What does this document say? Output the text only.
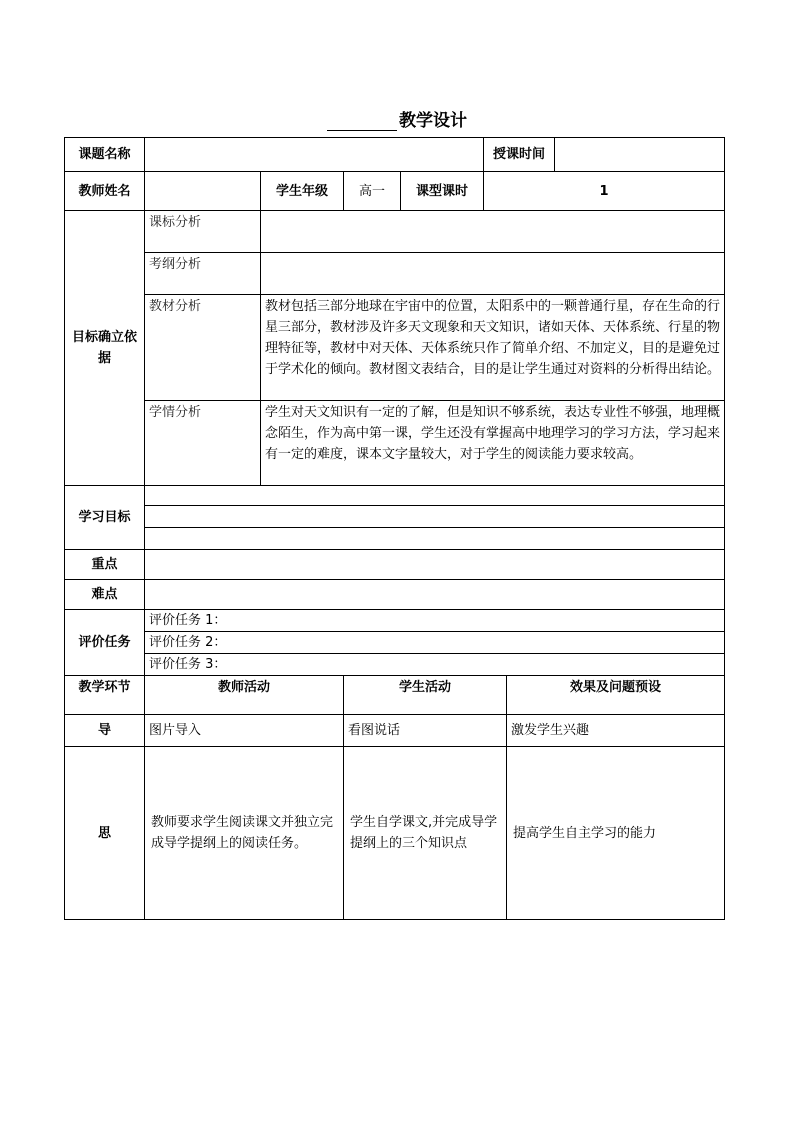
教学设计
课题名称					授课时间		
教师姓名		学生年级	高一	课型课时	1		
目标确立依据	课标分析						
	考纲分析						
	教材分析	教材包括三部分地球在宇宙中的位置，太阳系中的一颗普通行星，存在生命的行星三部分，教材涉及许多天文现象和天文知识，诸如天体、天体系统、行星的物理特征等，教材中对天体、天体系统只作了简单介绍、不加定义，目的是避免过于学术化的倾向。教材图文表结合，目的是让学生通过对资料的分析得出结论。					
	学情分析	学生对天文知识有一定的了解，但是知识不够系统，表达专业性不够强，地理概念陌生，作为高中第一课，学生还没有掌握高中地理学习的学习方法，学习起来有一定的难度，课本文字量较大，对于学生的阅读能力要求较高。					
学习目标							

重点							
难点							
评价任务	评价任务 1：						
	评价任务 2：						
	评价任务 3：						
教学环节	教师活动		学生活动			效果及问题预设	
导	图片导入		看图说话			激发学生兴趣	
思	教师要求学生阅读课文并独立完成导学提纲上的阅读任务。		学生自学课文,并完成导学提纲上的三个知识点			提高学生自主学习的能力	
